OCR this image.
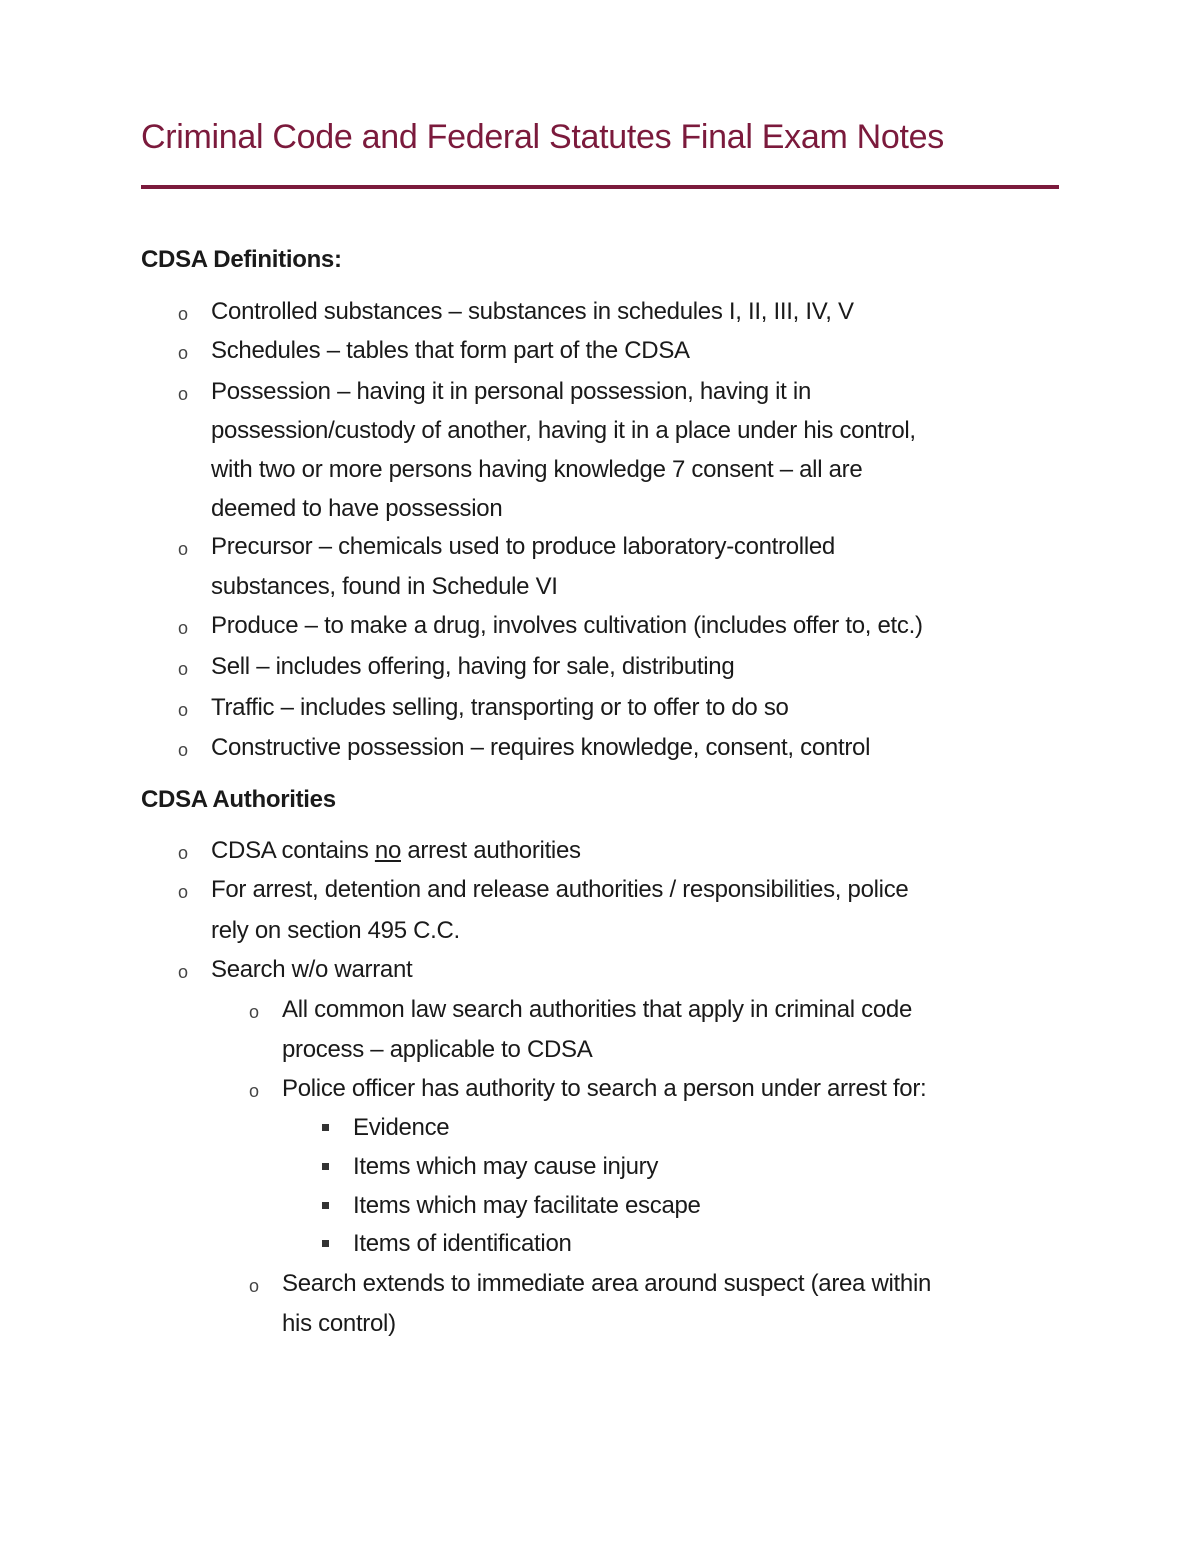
Criminal Code and Federal Statutes Final Exam Notes
CDSA Definitions:
o Controlled substances – substances in schedules I, II, III, IV, V
o Schedules – tables that form part of the CDSA
o Possession – having it in personal possession, having it in
possession/custody of another, having it in a place under his control,
with two or more persons having knowledge 7 consent – all are
deemed to have possession
o Precursor – chemicals used to produce laboratory-controlled
substances, found in Schedule VI
o Produce – to make a drug, involves cultivation (includes offer to, etc.)
o Sell – includes offering, having for sale, distributing
o Traffic – includes selling, transporting or to offer to do so
o Constructive possession – requires knowledge, consent, control
CDSA Authorities
o CDSA contains no arrest authorities
o For arrest, detention and release authorities / responsibilities, police
rely on section 495 C.C.
o Search w/o warrant
o All common law search authorities that apply in criminal code
process – applicable to CDSA
o Police officer has authority to search a person under arrest for:
Evidence
Items which may cause injury
Items which may facilitate escape
Items of identification
o Search extends to immediate area around suspect (area within
his control)
